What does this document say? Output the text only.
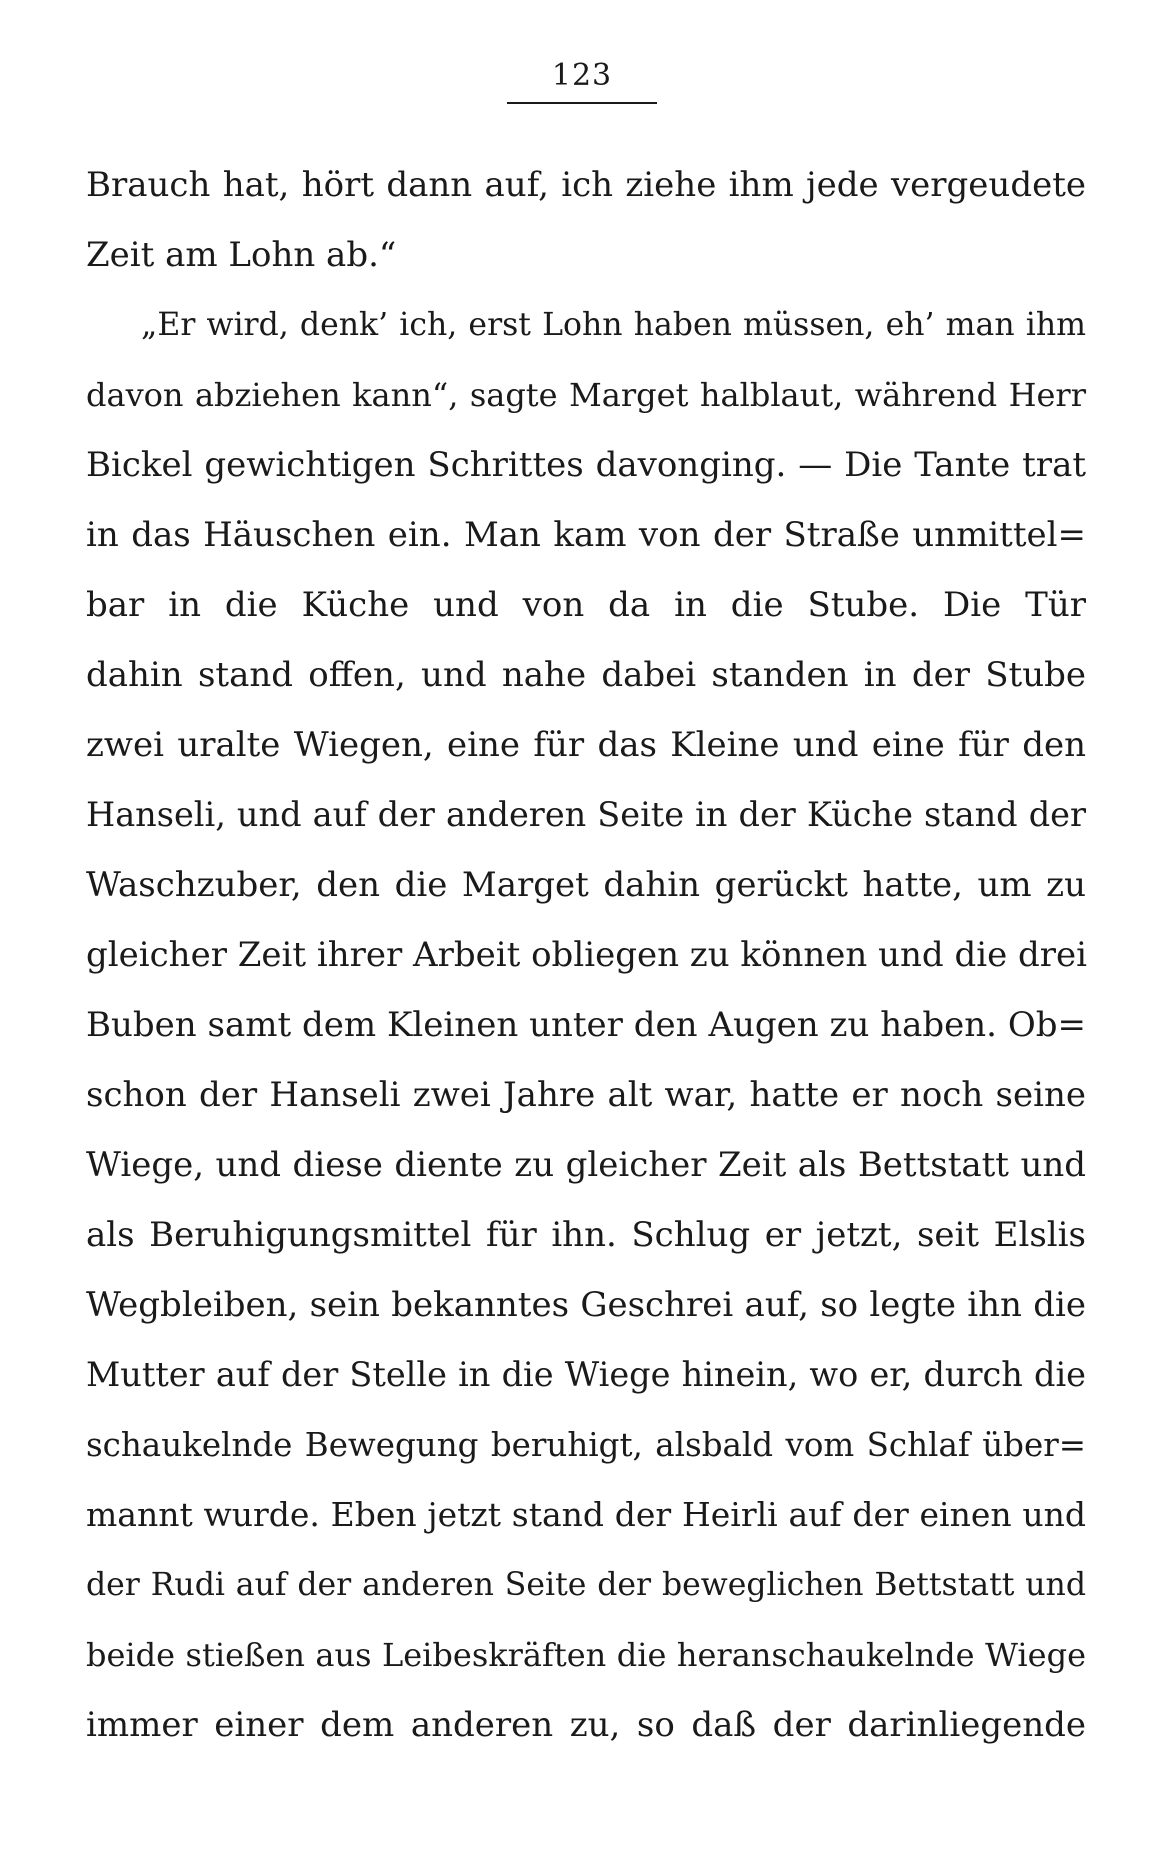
123
Brauch hat, hört dann auf, ich ziehe ihm jede vergeudete
Zeit am Lohn ab.“
„Er wird, denk’ ich, erst Lohn haben müssen, eh’ man ihm
davon abziehen kann“, sagte Marget halblaut, während Herr
Bickel gewichtigen Schrittes davonging. — Die Tante trat
in das Häuschen ein. Man kam von der Straße unmittel=
bar in die Küche und von da in die Stube. Die Tür
dahin stand offen, und nahe dabei standen in der Stube
zwei uralte Wiegen, eine für das Kleine und eine für den
Hanseli, und auf der anderen Seite in der Küche stand der
Waschzuber, den die Marget dahin gerückt hatte, um zu
gleicher Zeit ihrer Arbeit obliegen zu können und die drei
Buben samt dem Kleinen unter den Augen zu haben. Ob=
schon der Hanseli zwei Jahre alt war, hatte er noch seine
Wiege, und diese diente zu gleicher Zeit als Bettstatt und
als Beruhigungsmittel für ihn. Schlug er jetzt, seit Elslis
Wegbleiben, sein bekanntes Geschrei auf, so legte ihn die
Mutter auf der Stelle in die Wiege hinein, wo er, durch die
schaukelnde Bewegung beruhigt, alsbald vom Schlaf über=
mannt wurde. Eben jetzt stand der Heirli auf der einen und
der Rudi auf der anderen Seite der beweglichen Bettstatt und
beide stießen aus Leibeskräften die heranschaukelnde Wiege
immer einer dem anderen zu, so daß der darinliegende
